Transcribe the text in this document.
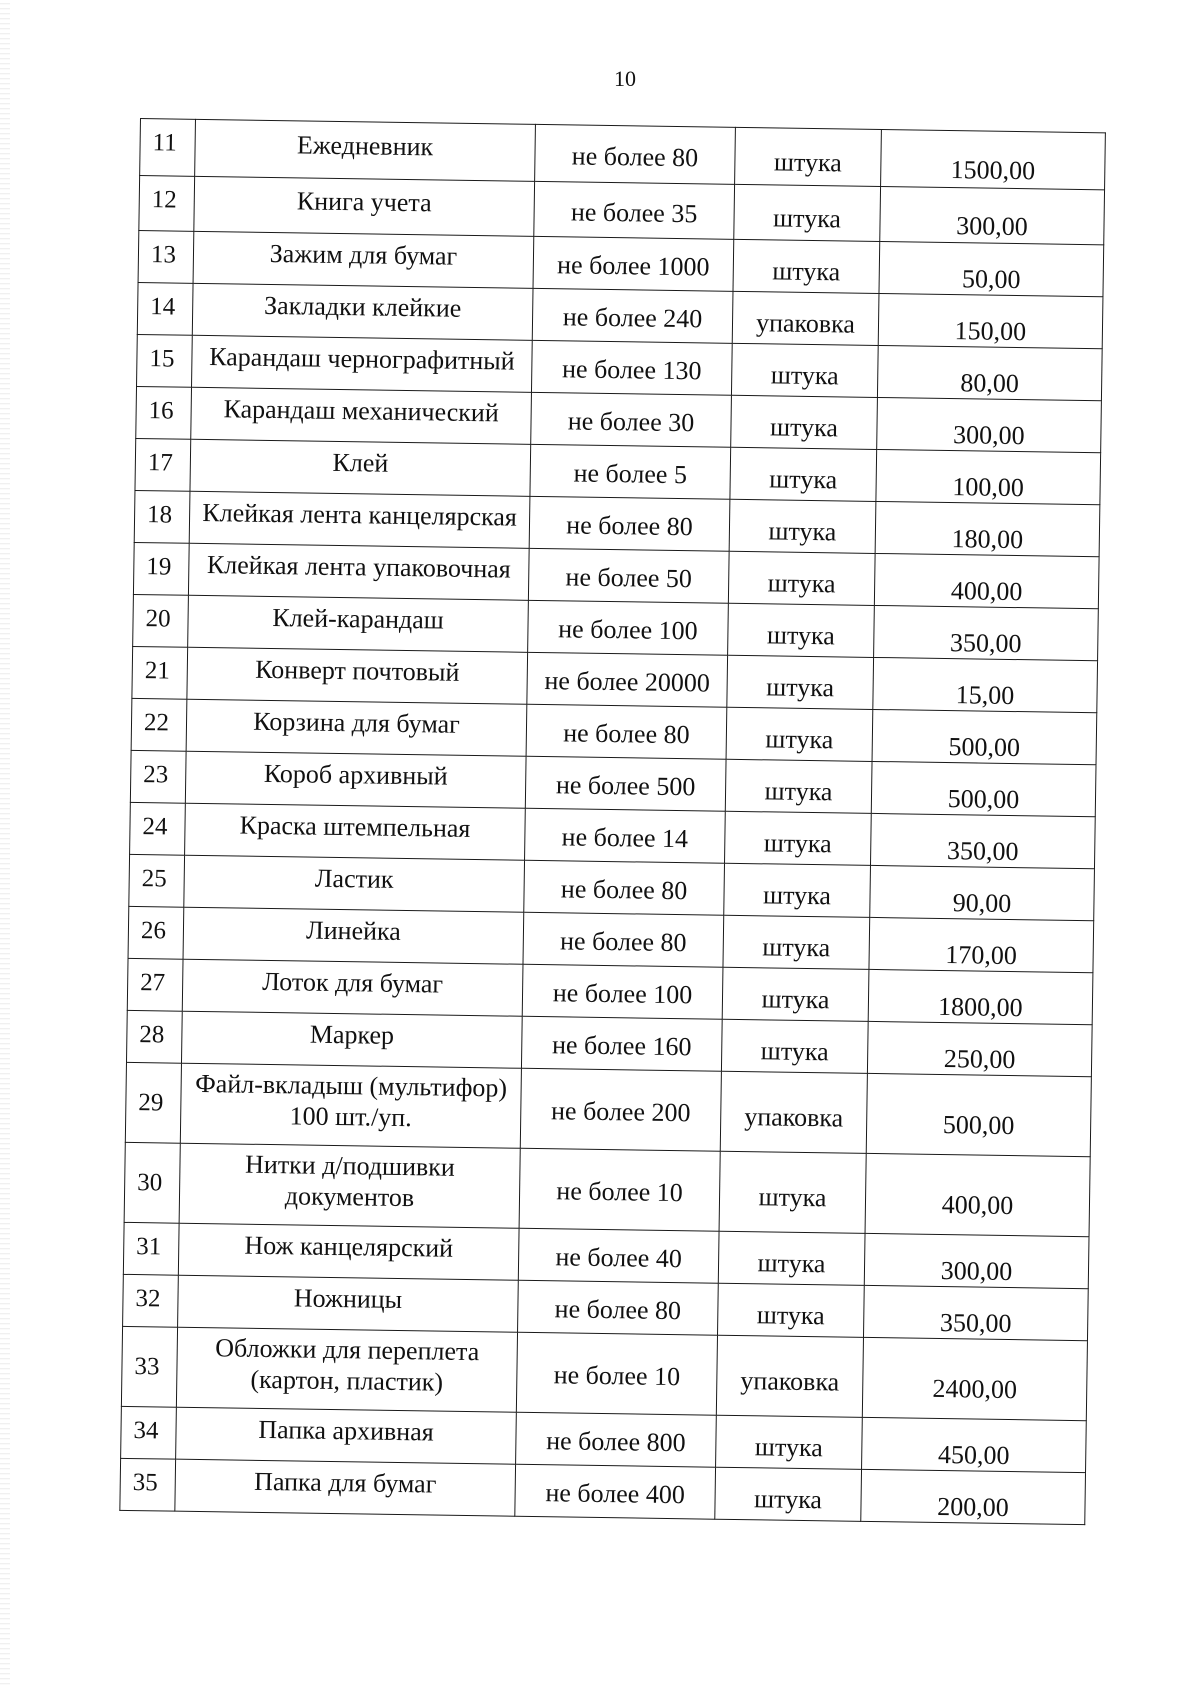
10
11	Ежедневник	не более 80	штука	1500,00
12	Книга учета	не более 35	штука	300,00
13	Зажим для бумаг	не более 1000	штука	50,00
14	Закладки клейкие	не более 240	упаковка	150,00
15	Карандаш чернографитный	не более 130	штука	80,00
16	Карандаш механический	не более 30	штука	300,00
17	Клей	не более 5	штука	100,00
18	Клейкая лента канцелярская	не более 80	штука	180,00
19	Клейкая лента упаковочная	не более 50	штука	400,00
20	Клей-карандаш	не более 100	штука	350,00
21	Конверт почтовый	не более 20000	штука	15,00
22	Корзина для бумаг	не более 80	штука	500,00
23	Короб архивный	не более 500	штука	500,00
24	Краска штемпельная	не более 14	штука	350,00
25	Ластик	не более 80	штука	90,00
26	Линейка	не более 80	штука	170,00
27	Лоток для бумаг	не более 100	штука	1800,00
28	Маркер	не более 160	штука	250,00
29	Файл-вкладыш (мультифор) 100 шт./уп.	не более 200	упаковка	500,00
30	Нитки д/подшивки документов	не более 10	штука	400,00
31	Нож канцелярский	не более 40	штука	300,00
32	Ножницы	не более 80	штука	350,00
33	Обложки для переплета (картон, пластик)	не более 10	упаковка	2400,00
34	Папка архивная	не более 800	штука	450,00
35	Папка для бумаг	не более 400	штука	200,00
